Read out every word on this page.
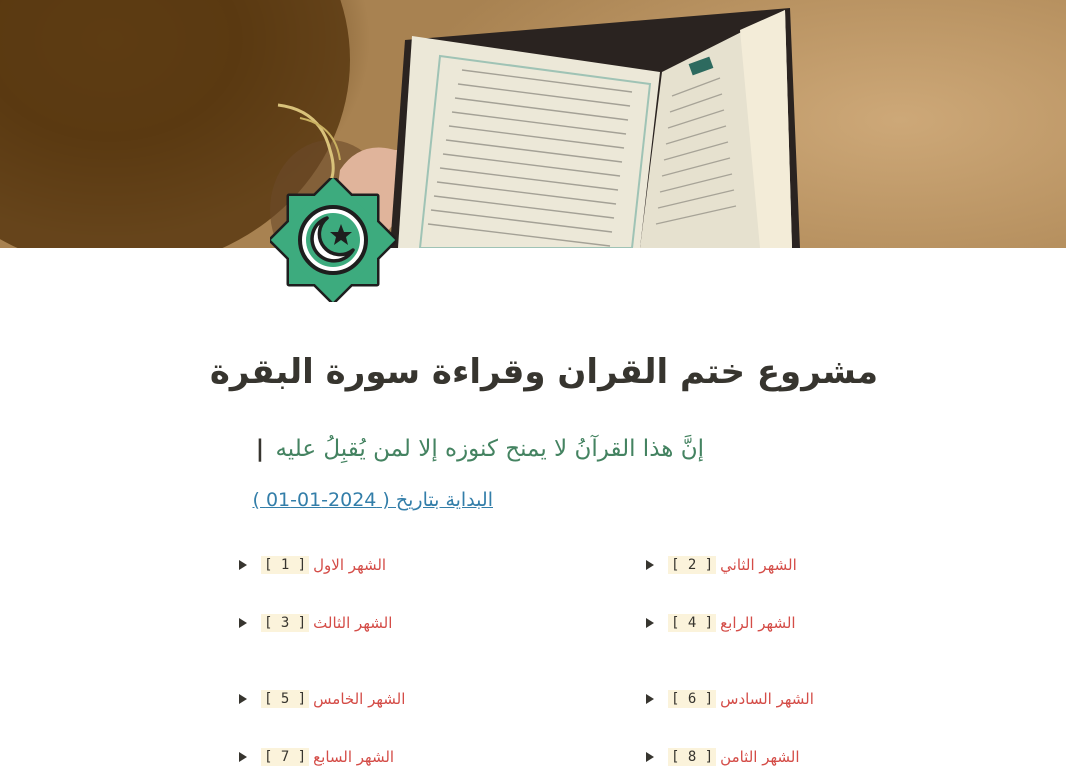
مشروع ختم القران وقراءة سورة البقرة
إنَّ هذا القرآنُ لا يمنح كنوزه إلا لمن يُقبِلُ عليه |
البداية بتاريخ ( 2024-01-01 )
[ 1 ] الشهر الاول	[ 2 ] الشهر الثاني
[ 3 ] الشهر الثالث	[ 4 ] الشهر الرابع
[ 5 ] الشهر الخامس	[ 6 ] الشهر السادس
[ 7 ] الشهر السابع	[ 8 ] الشهر الثامن
